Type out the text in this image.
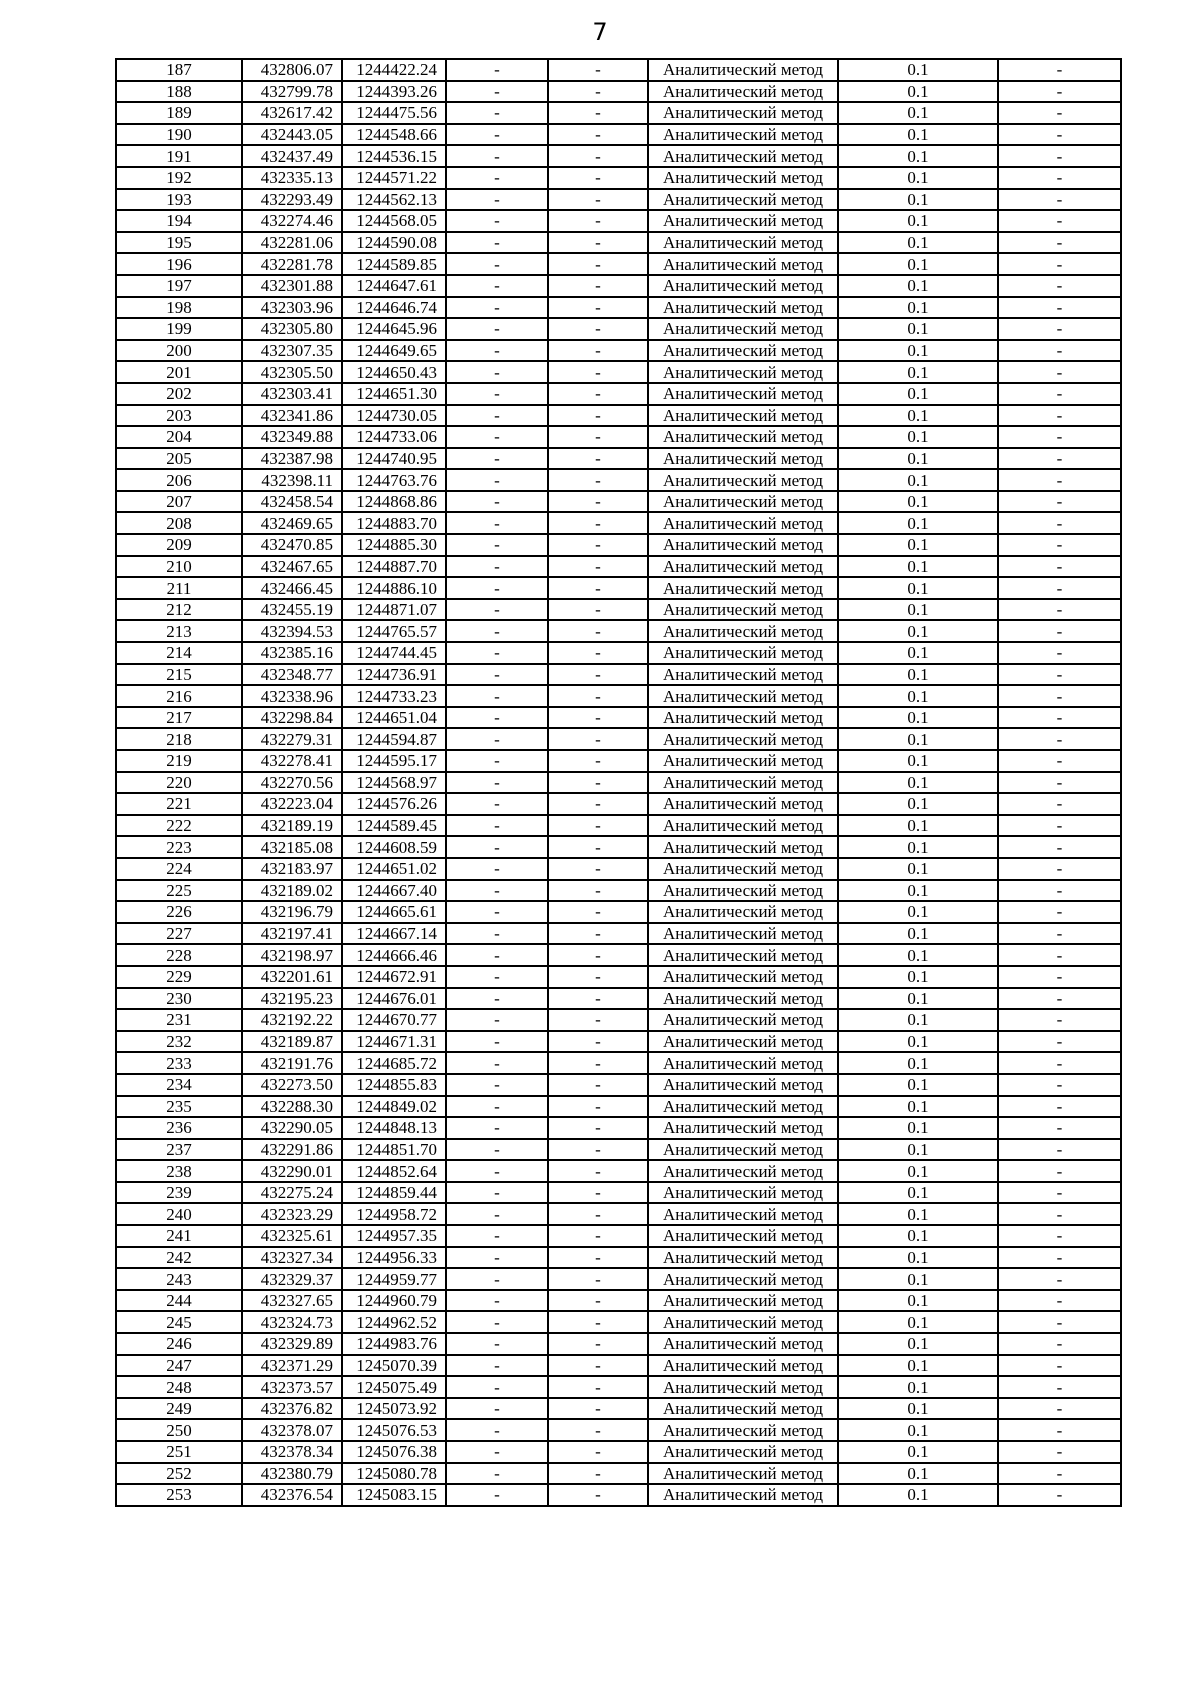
7
187	432806.07	1244422.24	-	-	Аналитический метод	0.1	-
188	432799.78	1244393.26	-	-	Аналитический метод	0.1	-
189	432617.42	1244475.56	-	-	Аналитический метод	0.1	-
190	432443.05	1244548.66	-	-	Аналитический метод	0.1	-
191	432437.49	1244536.15	-	-	Аналитический метод	0.1	-
192	432335.13	1244571.22	-	-	Аналитический метод	0.1	-
193	432293.49	1244562.13	-	-	Аналитический метод	0.1	-
194	432274.46	1244568.05	-	-	Аналитический метод	0.1	-
195	432281.06	1244590.08	-	-	Аналитический метод	0.1	-
196	432281.78	1244589.85	-	-	Аналитический метод	0.1	-
197	432301.88	1244647.61	-	-	Аналитический метод	0.1	-
198	432303.96	1244646.74	-	-	Аналитический метод	0.1	-
199	432305.80	1244645.96	-	-	Аналитический метод	0.1	-
200	432307.35	1244649.65	-	-	Аналитический метод	0.1	-
201	432305.50	1244650.43	-	-	Аналитический метод	0.1	-
202	432303.41	1244651.30	-	-	Аналитический метод	0.1	-
203	432341.86	1244730.05	-	-	Аналитический метод	0.1	-
204	432349.88	1244733.06	-	-	Аналитический метод	0.1	-
205	432387.98	1244740.95	-	-	Аналитический метод	0.1	-
206	432398.11	1244763.76	-	-	Аналитический метод	0.1	-
207	432458.54	1244868.86	-	-	Аналитический метод	0.1	-
208	432469.65	1244883.70	-	-	Аналитический метод	0.1	-
209	432470.85	1244885.30	-	-	Аналитический метод	0.1	-
210	432467.65	1244887.70	-	-	Аналитический метод	0.1	-
211	432466.45	1244886.10	-	-	Аналитический метод	0.1	-
212	432455.19	1244871.07	-	-	Аналитический метод	0.1	-
213	432394.53	1244765.57	-	-	Аналитический метод	0.1	-
214	432385.16	1244744.45	-	-	Аналитический метод	0.1	-
215	432348.77	1244736.91	-	-	Аналитический метод	0.1	-
216	432338.96	1244733.23	-	-	Аналитический метод	0.1	-
217	432298.84	1244651.04	-	-	Аналитический метод	0.1	-
218	432279.31	1244594.87	-	-	Аналитический метод	0.1	-
219	432278.41	1244595.17	-	-	Аналитический метод	0.1	-
220	432270.56	1244568.97	-	-	Аналитический метод	0.1	-
221	432223.04	1244576.26	-	-	Аналитический метод	0.1	-
222	432189.19	1244589.45	-	-	Аналитический метод	0.1	-
223	432185.08	1244608.59	-	-	Аналитический метод	0.1	-
224	432183.97	1244651.02	-	-	Аналитический метод	0.1	-
225	432189.02	1244667.40	-	-	Аналитический метод	0.1	-
226	432196.79	1244665.61	-	-	Аналитический метод	0.1	-
227	432197.41	1244667.14	-	-	Аналитический метод	0.1	-
228	432198.97	1244666.46	-	-	Аналитический метод	0.1	-
229	432201.61	1244672.91	-	-	Аналитический метод	0.1	-
230	432195.23	1244676.01	-	-	Аналитический метод	0.1	-
231	432192.22	1244670.77	-	-	Аналитический метод	0.1	-
232	432189.87	1244671.31	-	-	Аналитический метод	0.1	-
233	432191.76	1244685.72	-	-	Аналитический метод	0.1	-
234	432273.50	1244855.83	-	-	Аналитический метод	0.1	-
235	432288.30	1244849.02	-	-	Аналитический метод	0.1	-
236	432290.05	1244848.13	-	-	Аналитический метод	0.1	-
237	432291.86	1244851.70	-	-	Аналитический метод	0.1	-
238	432290.01	1244852.64	-	-	Аналитический метод	0.1	-
239	432275.24	1244859.44	-	-	Аналитический метод	0.1	-
240	432323.29	1244958.72	-	-	Аналитический метод	0.1	-
241	432325.61	1244957.35	-	-	Аналитический метод	0.1	-
242	432327.34	1244956.33	-	-	Аналитический метод	0.1	-
243	432329.37	1244959.77	-	-	Аналитический метод	0.1	-
244	432327.65	1244960.79	-	-	Аналитический метод	0.1	-
245	432324.73	1244962.52	-	-	Аналитический метод	0.1	-
246	432329.89	1244983.76	-	-	Аналитический метод	0.1	-
247	432371.29	1245070.39	-	-	Аналитический метод	0.1	-
248	432373.57	1245075.49	-	-	Аналитический метод	0.1	-
249	432376.82	1245073.92	-	-	Аналитический метод	0.1	-
250	432378.07	1245076.53	-	-	Аналитический метод	0.1	-
251	432378.34	1245076.38	-	-	Аналитический метод	0.1	-
252	432380.79	1245080.78	-	-	Аналитический метод	0.1	-
253	432376.54	1245083.15	-	-	Аналитический метод	0.1	-
